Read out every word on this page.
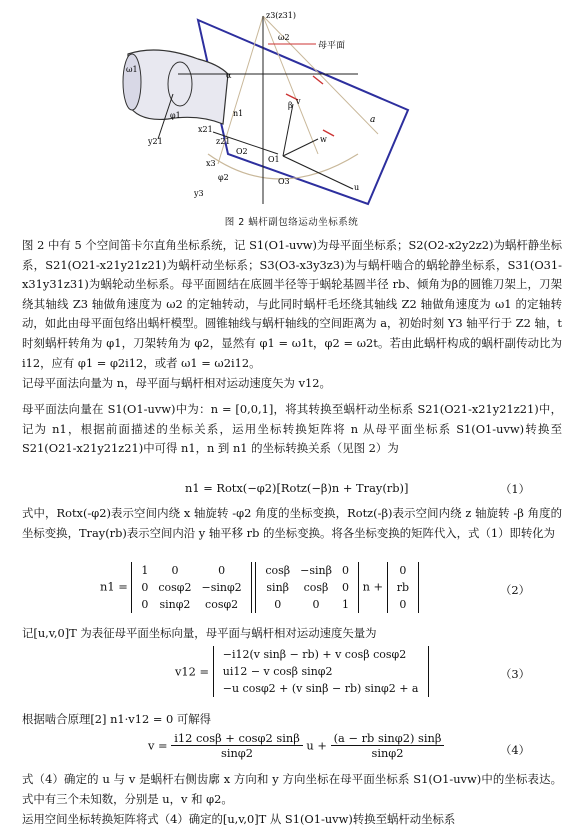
z3(z31)
ω2
母平面
ω1
α
β
a
φ1
φ2
x21
x3
y21
y3
O2
O3
O1
u
v
w
n1
z21
图 2 蜗杆副包络运动坐标系统

图 2 中有 5 个空间笛卡尔直角坐标系统，记 S1(O1-uvw)为母平面坐标系；S2(O2-x2y2z2)为蜗杆静坐标系，S21(O21-x21y21z21)为蜗杆动坐标系；S3(O3-x3y3z3)为与蜗杆啮合的蜗轮静坐标系，S31(O31-x31y31z31)为蜗轮动坐标系。母平面圆结在底圆半径等于蜗轮基圆半径 rb、倾角为β的圆锥刀架上，刀架绕其轴线 Z3 轴做角速度为 ω2 的定轴转动，与此同时蜗杆毛坯绕其轴线 Z2 轴做角速度为 ω1 的定轴转动，如此由母平面包络出蜗杆模型。圆锥轴线与蜗杆轴线的空间距离为 a，初始时刻 Y3 轴平行于 Z2 轴，t 时刻蜗杆转角为 φ1，刀架转角为 φ2，显然有 φ1 = ω1t，φ2 = ω2t。若由此蜗杆构成的蜗杆副传动比为 i12，应有 φ1 = φ2i12，或者 ω1 = ω2i12。

记母平面法向量为 n，母平面与蜗杆相对运动速度矢为 v12。

母平面法向量在 S1(O1-uvw)中为：n = [0,0,1]，将其转换至蜗杆动坐标系 S21(O21-x21y21z21)中，记为 n1，根据前面描述的坐标关系，运用坐标转换矩阵将 n 从母平面坐标系 S1(O1-uvw)转换至 S21(O21-x21y21z21)中可得 n1，n 到 n1 的坐标转换关系（见图 2）为

n1 = Rotx(−φ2)[Rotz(−β)n + Tray(rb)]	（1）

式中，Rotx(-φ2)表示空间内绕 x 轴旋转 -φ2 角度的坐标变换，Rotz(-β)表示空间内绕 z 轴旋转 -β 角度的坐标变换，Tray(rb)表示空间内沿 y 轴平移 rb 的坐标变换。将各坐标变换的矩阵代入，式（1）即转化为

n1 =
1	0	0
0	cosφ2	−sinφ2
0	sinφ2	cosφ2

cosβ	−sinβ	0
sinβ	cosβ	0
0	0	1
n +
0
rb
0
（2）

记[u,v,0]T 为表征母平面坐标向量，母平面与蜗杆相对运动速度矢量为

v12 =
−i12(v sinβ − rb) + v cosβ cosφ2
ui12 − v cosβ sinφ2
−u cosφ2 + (v sinβ − rb) sinφ2 + a
（3）

根据啮合原理[2] n1·v12 = 0 可解得

$v = \frac{i12 \cos\beta + \cos\varphi 2 \sin\beta}{\sin\varphi 2}$ $u + \frac{\text{(a − rb sinφ2) sinβ}}{\sin\varphi 2}$	（4）

式（4）确定的 u 与 v 是蜗杆右侧齿廓 x 方向和 y 方向坐标在母平面坐标系 S1(O1-uvw)中的坐标表达。式中有三个未知数，分别是 u，v 和 φ2。

运用空间坐标转换矩阵将式（4）确定的[u,v,0]T 从 S1(O1-uvw)转换至蜗杆动坐标系
